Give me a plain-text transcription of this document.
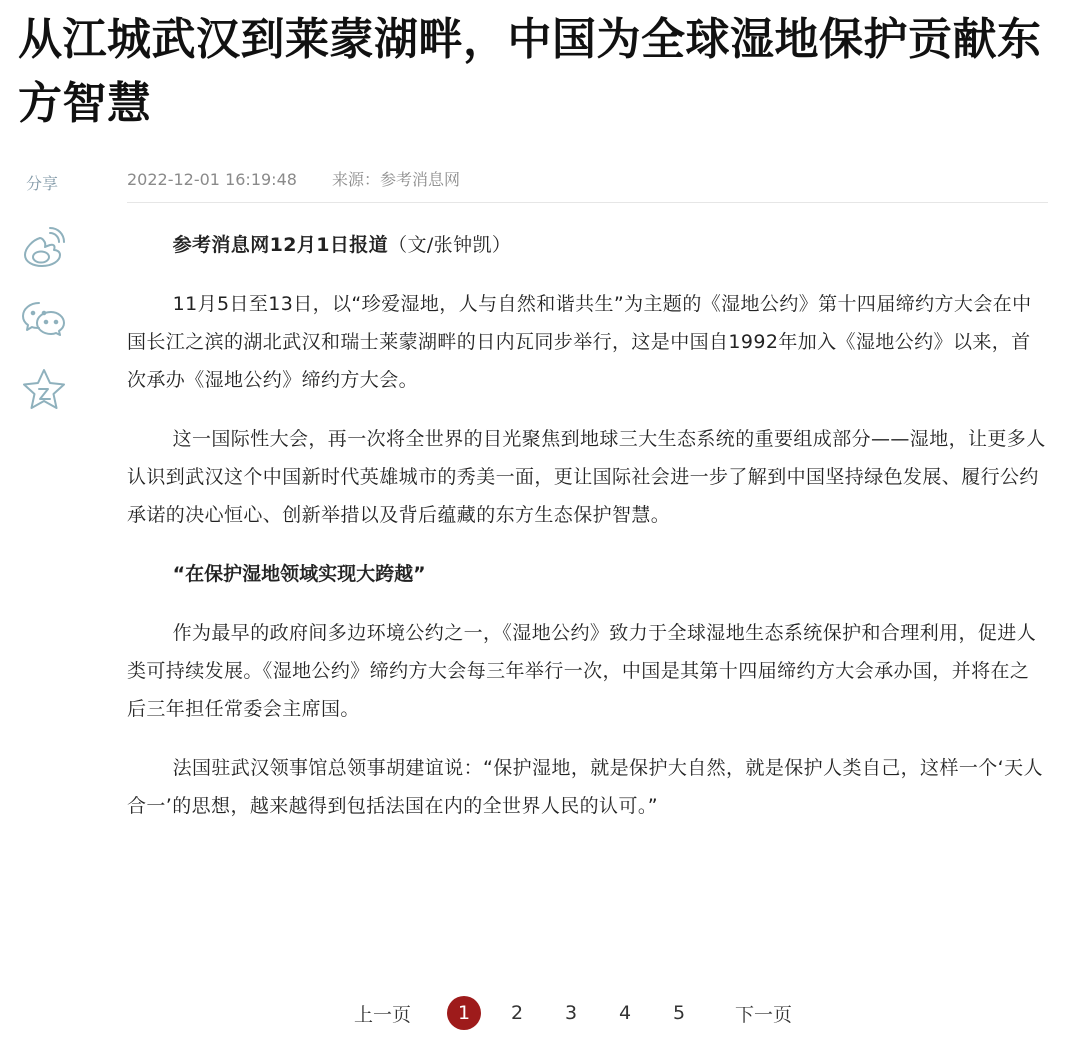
从江城武汉到莱蒙湖畔，中国为全球湿地保护贡献东方智慧
分享	2022-12-01 16:19:48 来源：参考消息网

参考消息网12月1日报道（文/张钟凯）

11月5日至13日，以“珍爱湿地，人与自然和谐共生”为主题的《湿地公约》第十四届缔约方大会在中国长江之滨的湖北武汉和瑞士莱蒙湖畔的日内瓦同步举行，这是中国自1992年加入《湿地公约》以来，首次承办《湿地公约》缔约方大会。

这一国际性大会，再一次将全世界的目光聚焦到地球三大生态系统的重要组成部分——湿地，让更多人认识到武汉这个中国新时代英雄城市的秀美一面，更让国际社会进一步了解到中国坚持绿色发展、履行公约承诺的决心恒心、创新举措以及背后蕴藏的东方生态保护智慧。

“在保护湿地领域实现大跨越”

作为最早的政府间多边环境公约之一，《湿地公约》致力于全球湿地生态系统保护和合理利用，促进人类可持续发展。《湿地公约》缔约方大会每三年举行一次，中国是其第十四届缔约方大会承办国，并将在之后三年担任常委会主席国。

法国驻武汉领事馆总领事胡建谊说：“保护湿地，就是保护大自然，就是保护人类自己，这样一个‘天人合一’的思想，越来越得到包括法国在内的全世界人民的认可。”

上一页	1	2	3	4	5	下一页
